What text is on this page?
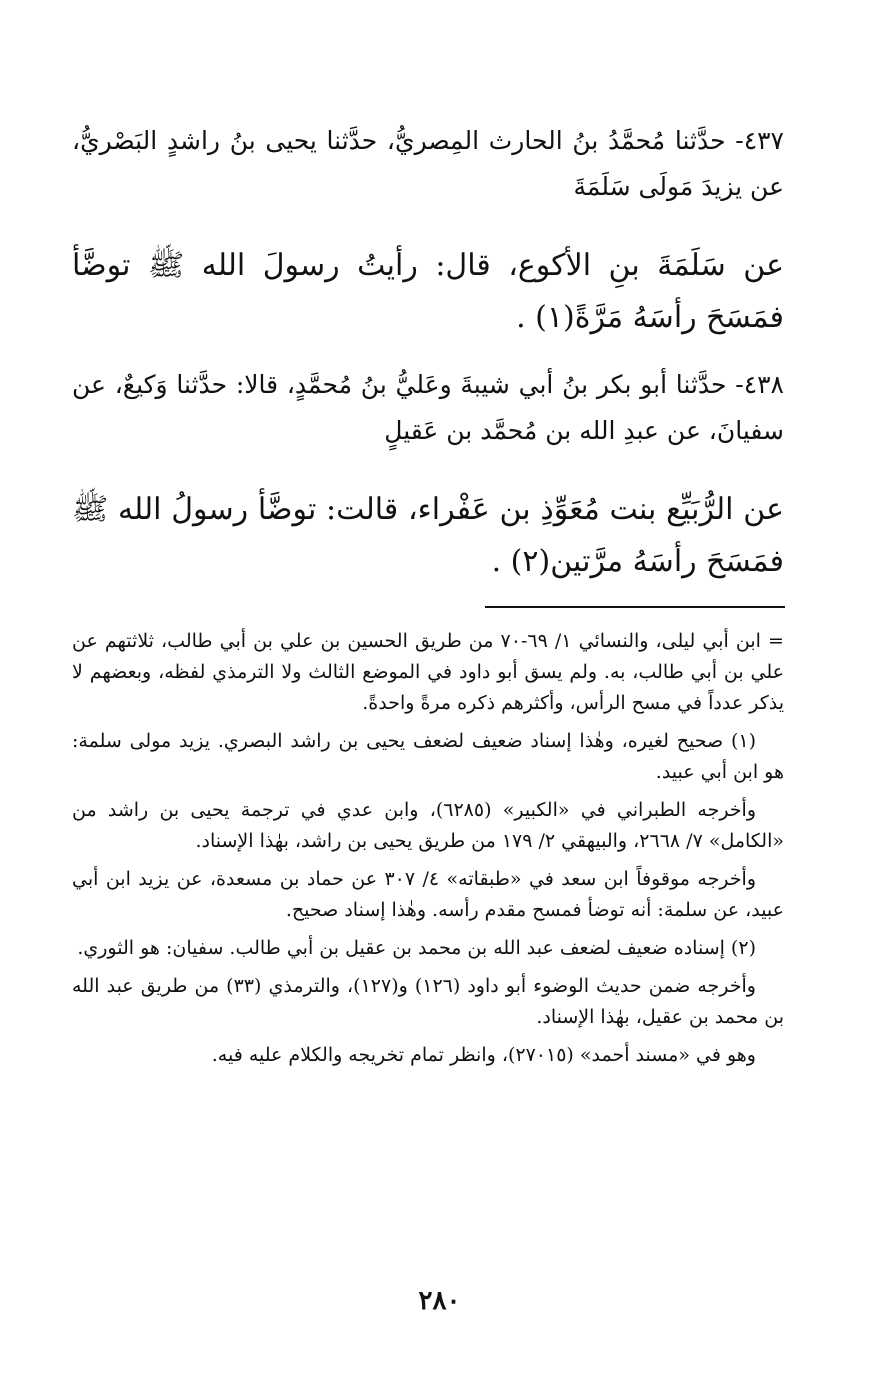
٤٣٧- حدَّثنا مُحمَّدُ بنُ الحارث المِصريُّ، حدَّثنا يحيى بنُ راشدٍ البَصْريُّ، عن يزيدَ مَولَى سَلَمَةَ

عن سَلَمَةَ بنِ الأكوع، قال: رأيتُ رسولَ الله ﷺ توضَّأ فمَسَحَ رأسَهُ مَرَّةً(١) .

٤٣٨- حدَّثنا أبو بكر بنُ أبي شيبةَ وعَليُّ بنُ مُحمَّدٍ، قالا: حدَّثنا وَكيعٌ، عن سفيانَ، عن عبدِ الله بن مُحمَّد بن عَقيلٍ

عن الرُّبَيِّع بنت مُعَوِّذِ بن عَفْراء، قالت: توضَّأ رسولُ الله ﷺ فمَسَحَ رأسَهُ مرَّتين(٢) .

= ابن أبي ليلى، والنسائي ١/ ٦٩-٧٠ من طريق الحسين بن علي بن أبي طالب، ثلاثتهم عن علي بن أبي طالب، به. ولم يسق أبو داود في الموضع الثالث ولا الترمذي لفظه، وبعضهم لا يذكر عدداً في مسح الرأس، وأكثرهم ذكره مرةً واحدةً.

(١) صحيح لغيره، وهٰذا إسناد ضعيف لضعف يحيى بن راشد البصري. يزيد مولى سلمة: هو ابن أبي عبيد.

وأخرجه الطبراني في «الكبير» (٦٢٨٥)، وابن عدي في ترجمة يحيى بن راشد من «الكامل» ٧/ ٢٦٦٨، والبيهقي ٢/ ١٧٩ من طريق يحيى بن راشد، بهٰذا الإسناد.

وأخرجه موقوفاً ابن سعد في «طبقاته» ٤/ ٣٠٧ عن حماد بن مسعدة، عن يزيد ابن أبي عبيد، عن سلمة: أنه توضأ فمسح مقدم رأسه. وهٰذا إسناد صحيح.

(٢) إسناده ضعيف لضعف عبد الله بن محمد بن عقيل بن أبي طالب. سفيان: هو الثوري.

وأخرجه ضمن حديث الوضوء أبو داود (١٢٦) و(١٢٧)، والترمذي (٣٣) من طريق عبد الله بن محمد بن عقيل، بهٰذا الإسناد.

وهو في «مسند أحمد» (٢٧٠١٥)، وانظر تمام تخريجه والكلام عليه فيه.

٢٨٠
